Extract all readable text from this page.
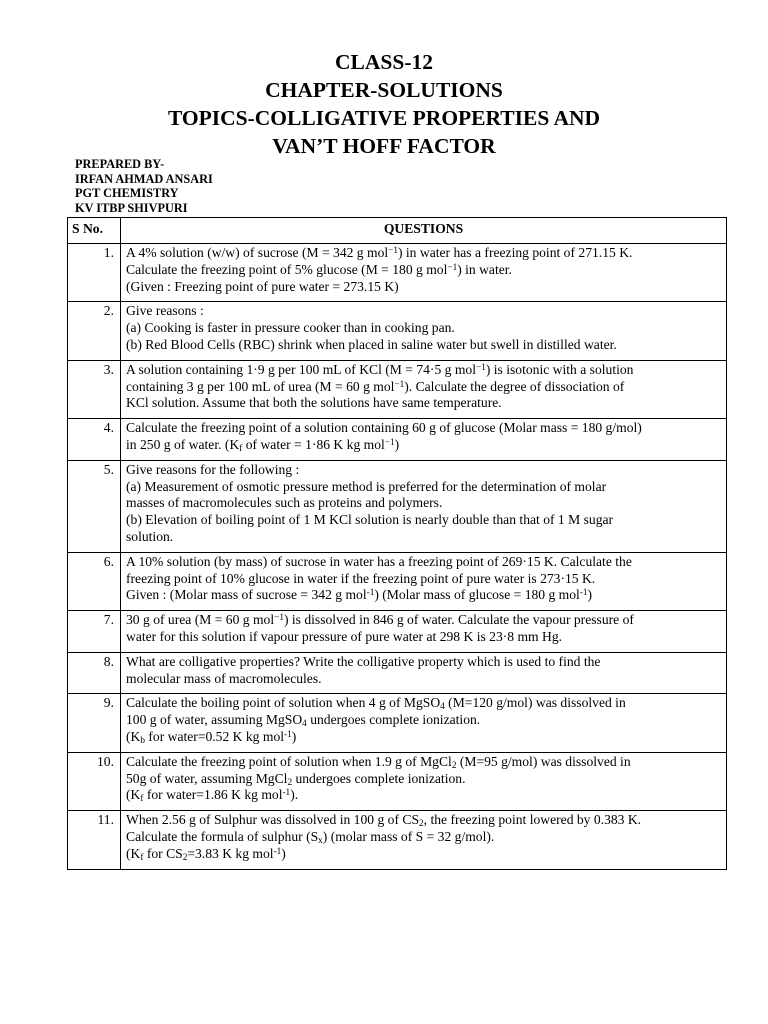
CLASS-12
CHAPTER-SOLUTIONS
TOPICS-COLLIGATIVE PROPERTIES AND
VAN’T HOFF FACTOR
PREPARED BY-
IRFAN AHMAD ANSARI
PGT CHEMISTRY
KV ITBP SHIVPURI
S No.	QUESTIONS
1.	A 4% solution (w/w) of sucrose (M = 342 g mol$^{-1}$) in water has a freezing point of 271.15 K.
Calculate the freezing point of 5% glucose (M = 180 g mol$^{-1}$) in water.
(Given : Freezing point of pure water = 273.15 K)

2.	Give reasons :
(a) Cooking is faster in pressure cooker than in cooking pan.
(b) Red Blood Cells (RBC) shrink when placed in saline water but swell in distilled water.

3.	A solution containing 1·9 g per 100 mL of KCl (M = 74·5 g mol$^{-1}$) is isotonic with a solution
containing 3 g per 100 mL of urea (M = 60 g mol$^{-1}$). Calculate the degree of dissociation of
KCl solution. Assume that both the solutions have same temperature.

4.	Calculate the freezing point of a solution containing 60 g of glucose (Molar mass = 180 g/mol)
in 250 g of water. ($K_f$ of water = 1·86 K kg mol$^{-1}$)

5.	Give reasons for the following :
(a) Measurement of osmotic pressure method is preferred for the determination of molar
masses of macromolecules such as proteins and polymers.
(b) Elevation of boiling point of 1 M KCl solution is nearly double than that of 1 M sugar
solution.

6.	A 10% solution (by mass) of sucrose in water has a freezing point of 269·15 K. Calculate the
freezing point of 10% glucose in water if the freezing point of pure water is 273·15 K.
Given : (Molar mass of sucrose = 342 g mol$^{-1}$) (Molar mass of glucose = 180 g mol$^{-1}$)

7.	30 g of urea (M = 60 g mol$^{-1}$) is dissolved in 846 g of water. Calculate the vapour pressure of
water for this solution if vapour pressure of pure water at 298 K is 23·8 mm Hg.

8.	What are colligative properties? Write the colligative property which is used to find the
molecular mass of macromolecules.

9.	Calculate the boiling point of solution when 4 g of MgSO$_4$ (M=120 g/mol) was dissolved in
100 g of water, assuming MgSO$_4$ undergoes complete ionization.
($K_b$ for water=0.52 K kg mol$^{-1}$)

10.	Calculate the freezing point of solution when 1.9 g of MgCl$_2$ (M=95 g/mol) was dissolved in
50g of water, assuming MgCl$_2$ undergoes complete ionization.
($K_f$ for water=1.86 K kg mol$^{-1}$).

11.	When 2.56 g of Sulphur was dissolved in 100 g of $CS_2$, the freezing point lowered by 0.383 K.
Calculate the formula of sulphur $(S_x)$ (molar mass of S = 32 g/mol).
($K_f$ for $CS_2=3.83$ K kg mol$^{-1}$)
